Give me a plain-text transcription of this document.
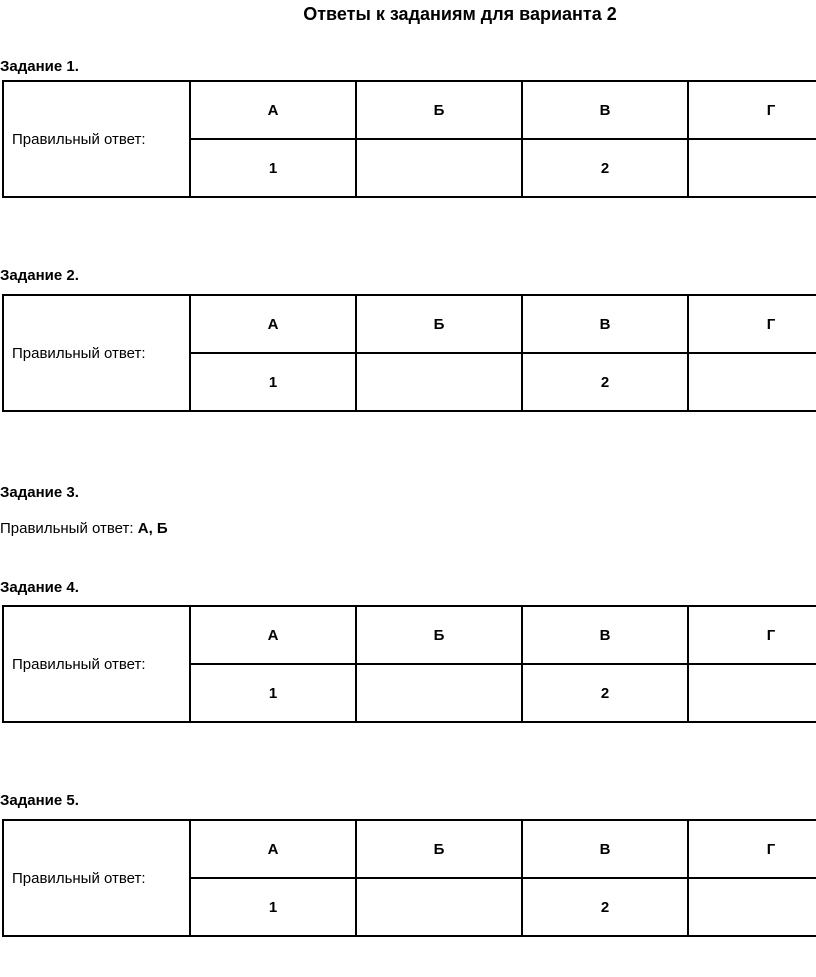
Ответы к заданиям для варианта 2
Задание 1.
Правильный ответ:	А	Б	В	Г
	1		2	
Задание 2.
Правильный ответ:	А	Б	В	Г
	1		2	
Задание 3.
Правильный ответ: А, Б
Задание 4.
Правильный ответ:	А	Б	В	Г
	1		2	
Задание 5.
Правильный ответ:	А	Б	В	Г
	1		2	
